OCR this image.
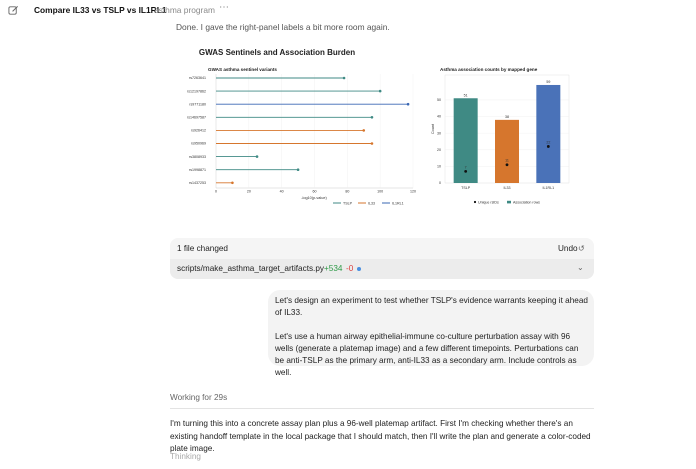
Compare IL33 vs TSLP vs IL1RL1
asthma program ⋯
Done. I gave the right-panel labels a bit more room again.
GWAS Sentinels and Association Burden
GWAS asthma sentinel variants
0	20	40	60	80	100	120
rs7263641
rs12197862
rs9771180
rs14697587
rs926412
rs950969
rs3808933
rs1998871
rs1437253
-log10(p-value)
TSLP	IL33	IL1RL1
Asthma association counts by mapped gene
0
10
20
30
40
50
51
7
TSLP
38
11
IL33
59
22
IL1RL1
Count
Unique rsIDs	Association rows
1 file changed	Undo ↺
scripts/make_asthma_target_artifacts.py +534 -0	⌄

Let's design an experiment to test whether TSLP's evidence warrants keeping it ahead of IL33.

Let's use a human airway epithelial-immune co-culture perturbation assay with 96 wells (generate a platemap image) and a few different timepoints. Perturbations can be anti-TSLP as the primary arm, anti-IL33 as a secondary arm. Include controls as well.

Working for 29s
I'm turning this into a concrete assay plan plus a 96-well platemap artifact. First I'm checking whether there's an existing handoff template in the local package that I should match, then I'll write the plan and generate a color-coded plate image.
Thinking
